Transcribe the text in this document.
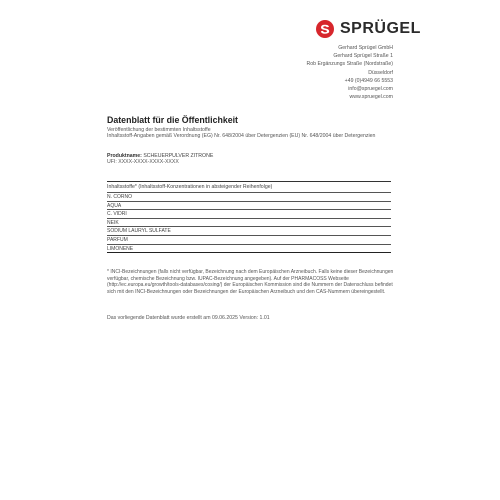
SPRÜGEL
Gerhard Sprügel GmbH
Gerhard Sprügel Straße 1
Rob Ergänzungs Straße (Nordstraße)
Düsseldorf
+49 (0)4949 66 5553
info@spruegel.com
www.spruegel.com
Datenblatt für die Öffentlichkeit
Veröffentlichung der bestimmten Inhaltsstoffe
Inhaltsstoff-Angaben gemäß Verordnung (EG) Nr. 648/2004 über Detergenzien (EU) Nr. 648/2004 über Detergenzien
Produktname: SCHEUERPULVER ZITRONE
UFI: XXXX-XXXX-XXXX-XXXX
Inhaltsstoffe* (Inhaltsstoff-Konzentrationen in absteigender Reihenfolge)
N. CORNO
AQUA
C. VIDRI
NEIK
SODIUM LAURYL SULFATE
PARFUM
LIMONENE

* INCI-Bezeichnungen (falls nicht verfügbar, Bezeichnung nach dem Europäischen Arzneibuch. Falls keine dieser Bezeichnungen verfügbar, chemische Bezeichnung bzw. IUPAC-Bezeichnung angegeben). Auf der PHARMACOSS Webseite (http://ec.europa.eu/growth/tools-databases/cosing/) der Europäischen Kommission sind die Nummern der Datenschluss befindet sich mit den INCI-Bezeichnungen oder Bezeichnungen der Europäischen Arzneibuch und den CAS-Nummern übereingestellt.

Das vorliegende Datenblatt wurde erstellt am 09.06.2025 Version: 1.01
